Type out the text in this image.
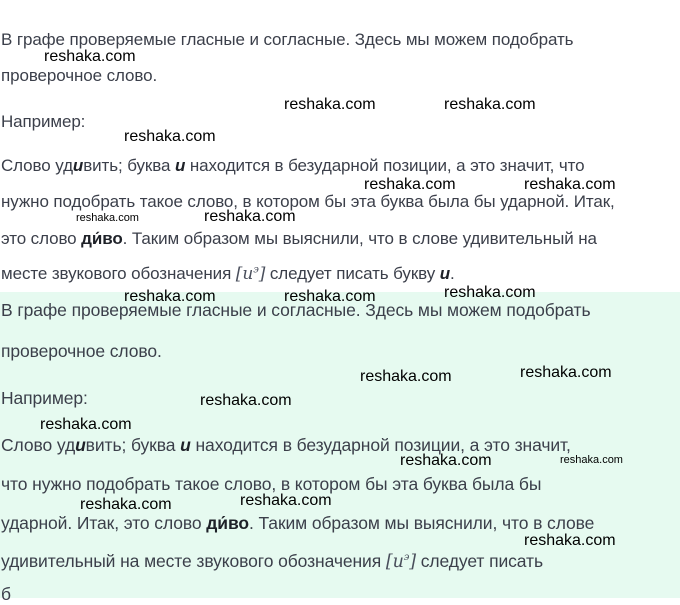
В графе проверяемые гласные и согласные. Здесь мы можем подобрать
проверочное слово.
Например:
Слово удивить; буква и находится в безударной позиции, а это значит, что
нужно подобрать такое слово, в котором бы эта буква была бы ударной. Итак,
это слово ди́во. Таким образом мы выяснили, что в слове удивительный на
месте звукового обозначения $[и^э]$ следует писать букву и.
В графе проверяемые гласные и согласные. Здесь мы можем подобрать
проверочное слово.
Например:
Слово удивить; буква и находится в безударной позиции, а это значит,
что нужно подобрать такое слово, в котором бы эта буква была бы
ударной. Итак, это слово ди́во. Таким образом мы выяснили, что в слове
удивительный на месте звукового обозначения $[и^э]$ следует писать
б
reshaka.com
reshaka.com	reshaka.com
reshaka.com
reshaka.com	reshaka.com
reshaka.com	reshaka.com
reshaka.com	reshaka.com	reshaka.com
reshaka.com	reshaka.com
reshaka.com
reshaka.com
reshaka.com	reshaka.com
reshaka.com
reshaka.com
reshaka.com
